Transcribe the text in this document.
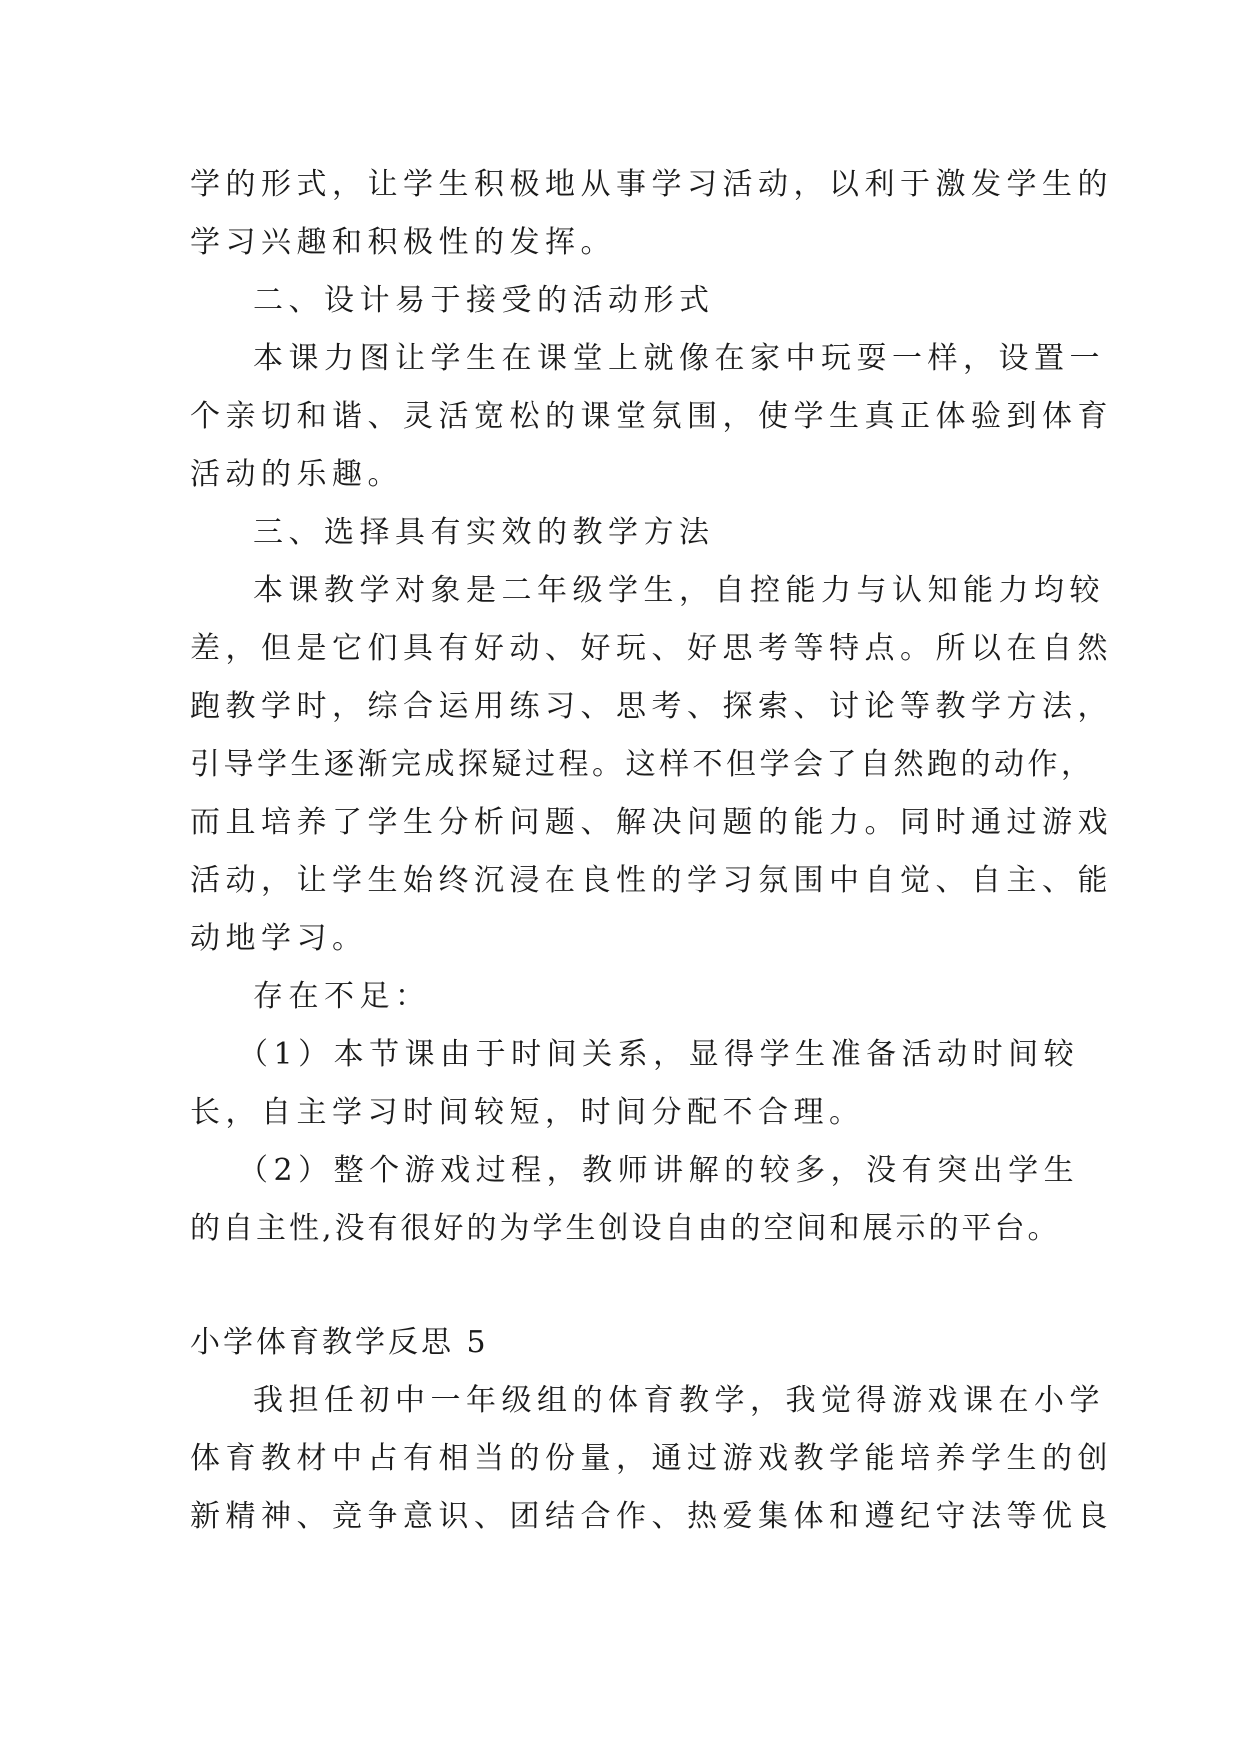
学的形式，让学生积极地从事学习活动，以利于激发学生的
学习兴趣和积极性的发挥。
二、设计易于接受的活动形式
本课力图让学生在课堂上就像在家中玩耍一样，设置一
个亲切和谐、灵活宽松的课堂氛围，使学生真正体验到体育
活动的乐趣。
三、选择具有实效的教学方法
本课教学对象是二年级学生，自控能力与认知能力均较
差，但是它们具有好动、好玩、好思考等特点。所以在自然
跑教学时，综合运用练习、思考、探索、讨论等教学方法，
引导学生逐渐完成探疑过程。这样不但学会了自然跑的动作，
而且培养了学生分析问题、解决问题的能力。同时通过游戏
活动，让学生始终沉浸在良性的学习氛围中自觉、自主、能
动地学习。
存在不足：
（1）本节课由于时间关系，显得学生准备活动时间较
长，自主学习时间较短，时间分配不合理。
（2）整个游戏过程，教师讲解的较多，没有突出学生
的自主性,没有很好的为学生创设自由的空间和展示的平台。
小学体育教学反思 5
我担任初中一年级组的体育教学，我觉得游戏课在小学
体育教材中占有相当的份量，通过游戏教学能培养学生的创
新精神、竞争意识、团结合作、热爱集体和遵纪守法等优良
